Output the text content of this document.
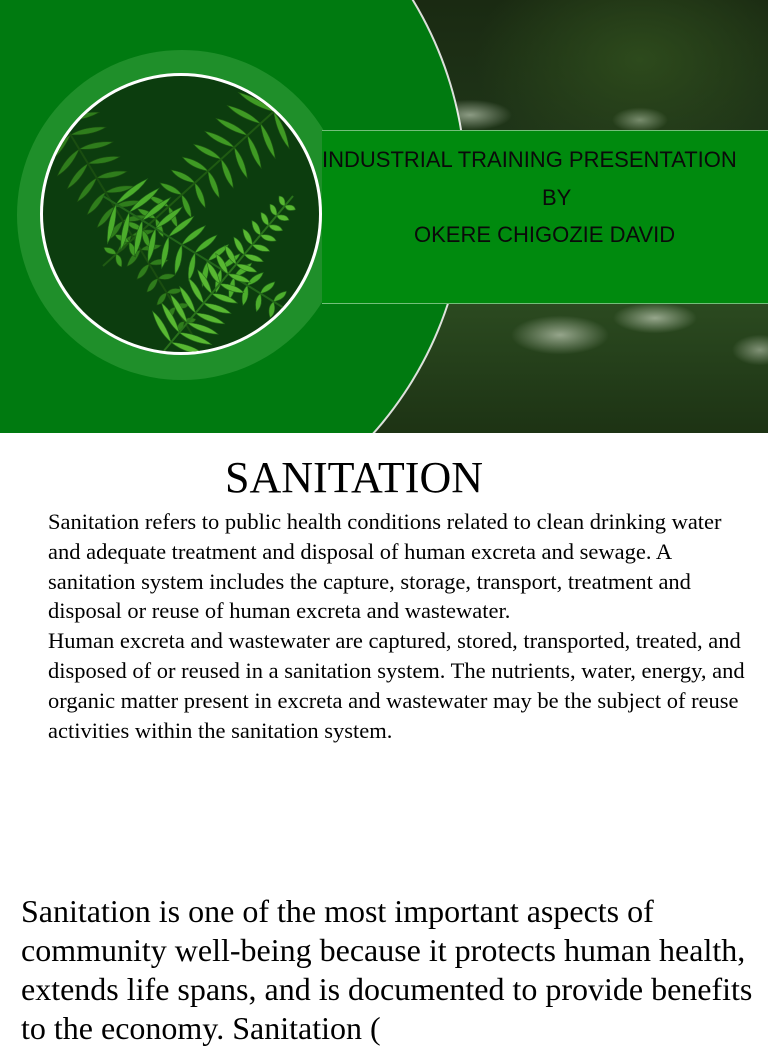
INDUSTRIAL TRAINING PRESENTATION
BY
OKERE CHIGOZIE DAVID
SANITATION

Sanitation refers to public health conditions related to clean drinking water and adequate treatment and disposal of human excreta and sewage. A sanitation system includes the capture, storage, transport, treatment and disposal or reuse of human excreta and wastewater.

Human excreta and wastewater are captured, stored, transported, treated, and disposed of or reused in a sanitation system. The nutrients, water, energy, and organic matter present in excreta and wastewater may be the subject of reuse activities within the sanitation system.

Sanitation is one of the most important aspects of community well-being because it protects human health, extends life spans, and is documented to provide benefits to the economy. Sanitation (
